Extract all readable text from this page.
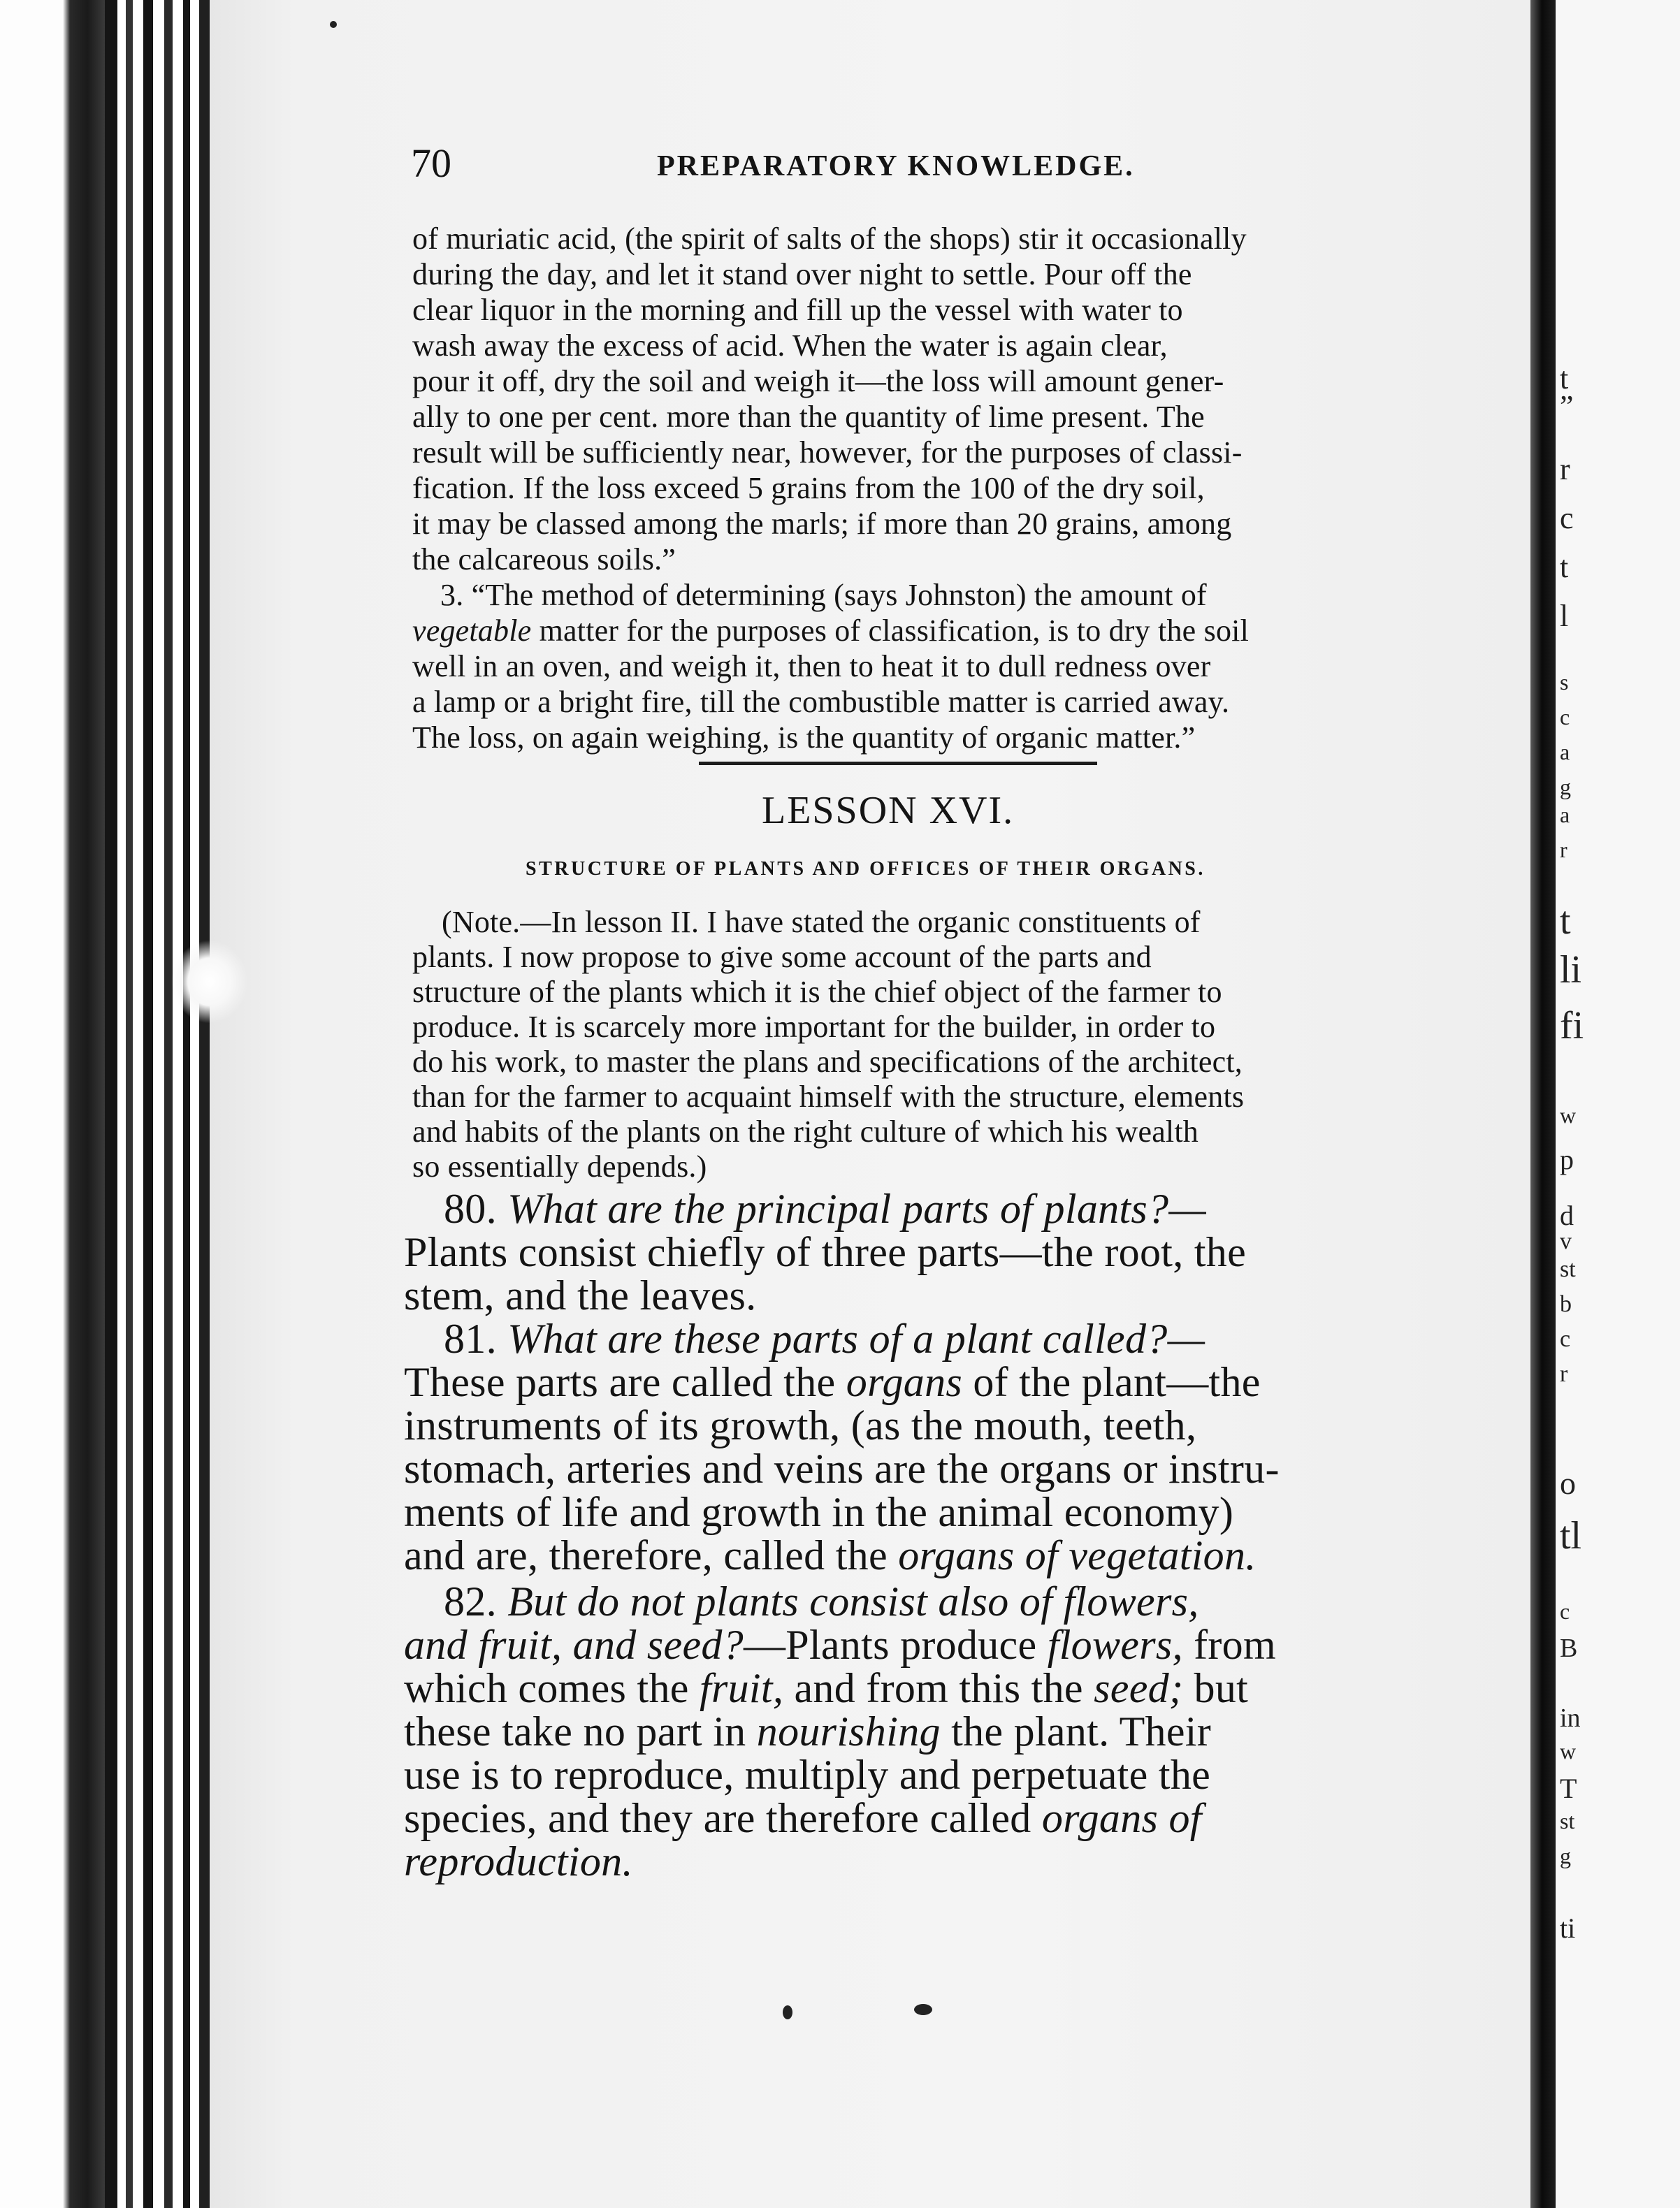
t
”
r
c
t
l
s
c
a
g
a
r
t
li
fi
w
p
d
v
st
b
c
r
o
tl
c
B
in
w
T
st
g
ti
70	PREPARATORY KNOWLEDGE.
of muriatic acid, (the spirit of salts of the shops) stir it occasionally
during the day, and let it stand over night to settle. Pour off the
clear liquor in the morning and fill up the vessel with water to
wash away the excess of acid. When the water is again clear,
pour it off, dry the soil and weigh it—the loss will amount gener-
ally to one per cent. more than the quantity of lime present. The
result will be sufficiently near, however, for the purposes of classi-
fication. If the loss exceed 5 grains from the 100 of the dry soil,
it may be classed among the marls; if more than 20 grains, among
the calcareous soils.”
3. “The method of determining (says Johnston) the amount of
vegetable matter for the purposes of classification, is to dry the soil
well in an oven, and weigh it, then to heat it to dull redness over
a lamp or a bright fire, till the combustible matter is carried away.
The loss, on again weighing, is the quantity of organic matter.”
LESSON XVI.
STRUCTURE OF PLANTS AND OFFICES OF THEIR ORGANS.
(Note.—In lesson II. I have stated the organic constituents of
plants. I now propose to give some account of the parts and
structure of the plants which it is the chief object of the farmer to
produce. It is scarcely more important for the builder, in order to
do his work, to master the plans and specifications of the architect,
than for the farmer to acquaint himself with the structure, elements
and habits of the plants on the right culture of which his wealth
so essentially depends.)
80. What are the principal parts of plants?—
Plants consist chiefly of three parts—the root, the
stem, and the leaves.
81. What are these parts of a plant called?—
These parts are called the organs of the plant—the
instruments of its growth, (as the mouth, teeth,
stomach, arteries and veins are the organs or instru-
ments of life and growth in the animal economy)
and are, therefore, called the organs of vegetation.
82. But do not plants consist also of flowers,
and fruit, and seed?—Plants produce flowers, from
which comes the fruit, and from this the seed; but
these take no part in nourishing the plant. Their
use is to reproduce, multiply and perpetuate the
species, and they are therefore called organs of
reproduction.
